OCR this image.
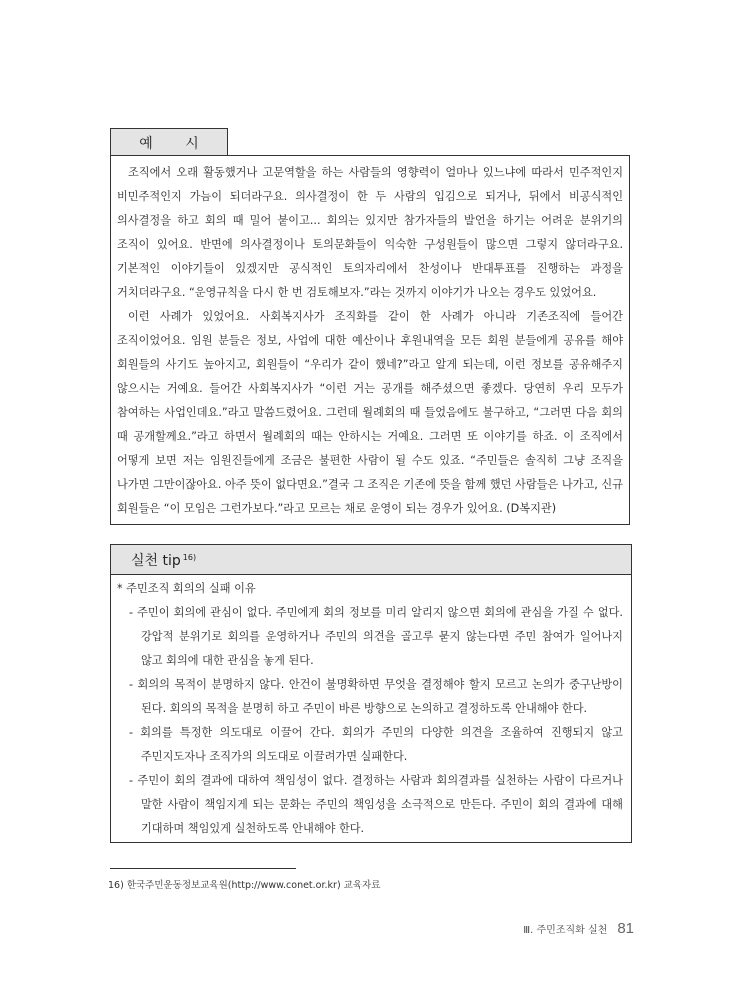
예 시

조직에서 오래 활동했거나 고문역할을 하는 사람들의 영향력이 얼마나 있느냐에 따라서 민주적인지 비민주적인지 가늠이 되더라구요. 의사결정이 한 두 사람의 입김으로 되거나, 뒤에서 비공식적인 의사결정을 하고 회의 때 밀어 붙이고... 회의는 있지만 참가자들의 발언을 하기는 어려운 분위기의 조직이 있어요. 반면에 의사결정이나 토의문화들이 익숙한 구성원들이 많으면 그렇지 않더라구요. 기본적인 이야기들이 있겠지만 공식적인 토의자리에서 찬성이나 반대투표를 진행하는 과정을 거치더라구요. “운영규칙을 다시 한 번 검토해보자.”라는 것까지 이야기가 나오는 경우도 있었어요.

이런 사례가 있었어요. 사회복지사가 조직화를 같이 한 사례가 아니라 기존조직에 들어간 조직이었어요. 임원 분들은 정보, 사업에 대한 예산이나 후원내역을 모든 회원 분들에게 공유를 해야 회원들의 사기도 높아지고, 회원들이 “우리가 같이 했네?”라고 알게 되는데, 이런 정보를 공유해주지 않으시는 거예요. 들어간 사회복지사가 “이런 거는 공개를 해주셨으면 좋겠다. 당연히 우리 모두가 참여하는 사업인데요.”라고 말씀드렸어요. 그런데 월례회의 때 들었음에도 불구하고, “그러면 다음 회의 때 공개할께요.”라고 하면서 월례회의 때는 안하시는 거예요. 그러면 또 이야기를 하죠. 이 조직에서 어떻게 보면 저는 임원진들에게 조금은 불편한 사람이 될 수도 있죠. “주민들은 솔직히 그냥 조직을 나가면 그만이잖아요. 아주 뜻이 없다면요.”결국 그 조직은 기존에 뜻을 함께 했던 사람들은 나가고, 신규 회원들은 “이 모임은 그런가보다.”라고 모르는 채로 운영이 되는 경우가 있어요. (D복지관)

실천 tip $^{16)}$

* 주민조직 회의의 실패 이유

- 주민이 회의에 관심이 없다. 주민에게 회의 정보를 미리 알리지 않으면 회의에 관심을 가질 수 없다. 강압적 분위기로 회의를 운영하거나 주민의 의견을 골고루 묻지 않는다면 주민 참여가 일어나지 않고 회의에 대한 관심을 놓게 된다.
- 회의의 목적이 분명하지 않다. 안건이 불명확하면 무엇을 결정해야 할지 모르고 논의가 중구난방이 된다. 회의의 목적을 분명히 하고 주민이 바른 방향으로 논의하고 결정하도록 안내해야 한다.
- 회의를 특정한 의도대로 이끌어 간다. 회의가 주민의 다양한 의견을 조율하여 진행되지 않고 주민지도자나 조직가의 의도대로 이끌려가면 실패한다.
- 주민이 회의 결과에 대하여 책임성이 없다. 결정하는 사람과 회의결과를 실천하는 사람이 다르거나 말한 사람이 책임지게 되는 문화는 주민의 책임성을 소극적으로 만든다. 주민이 회의 결과에 대해 기대하며 책임있게 실천하도록 안내해야 한다.
16) 한국주민운동정보교육원(http://www.conet.or.kr) 교육자료
Ⅲ. 주민조직화 실천 81
